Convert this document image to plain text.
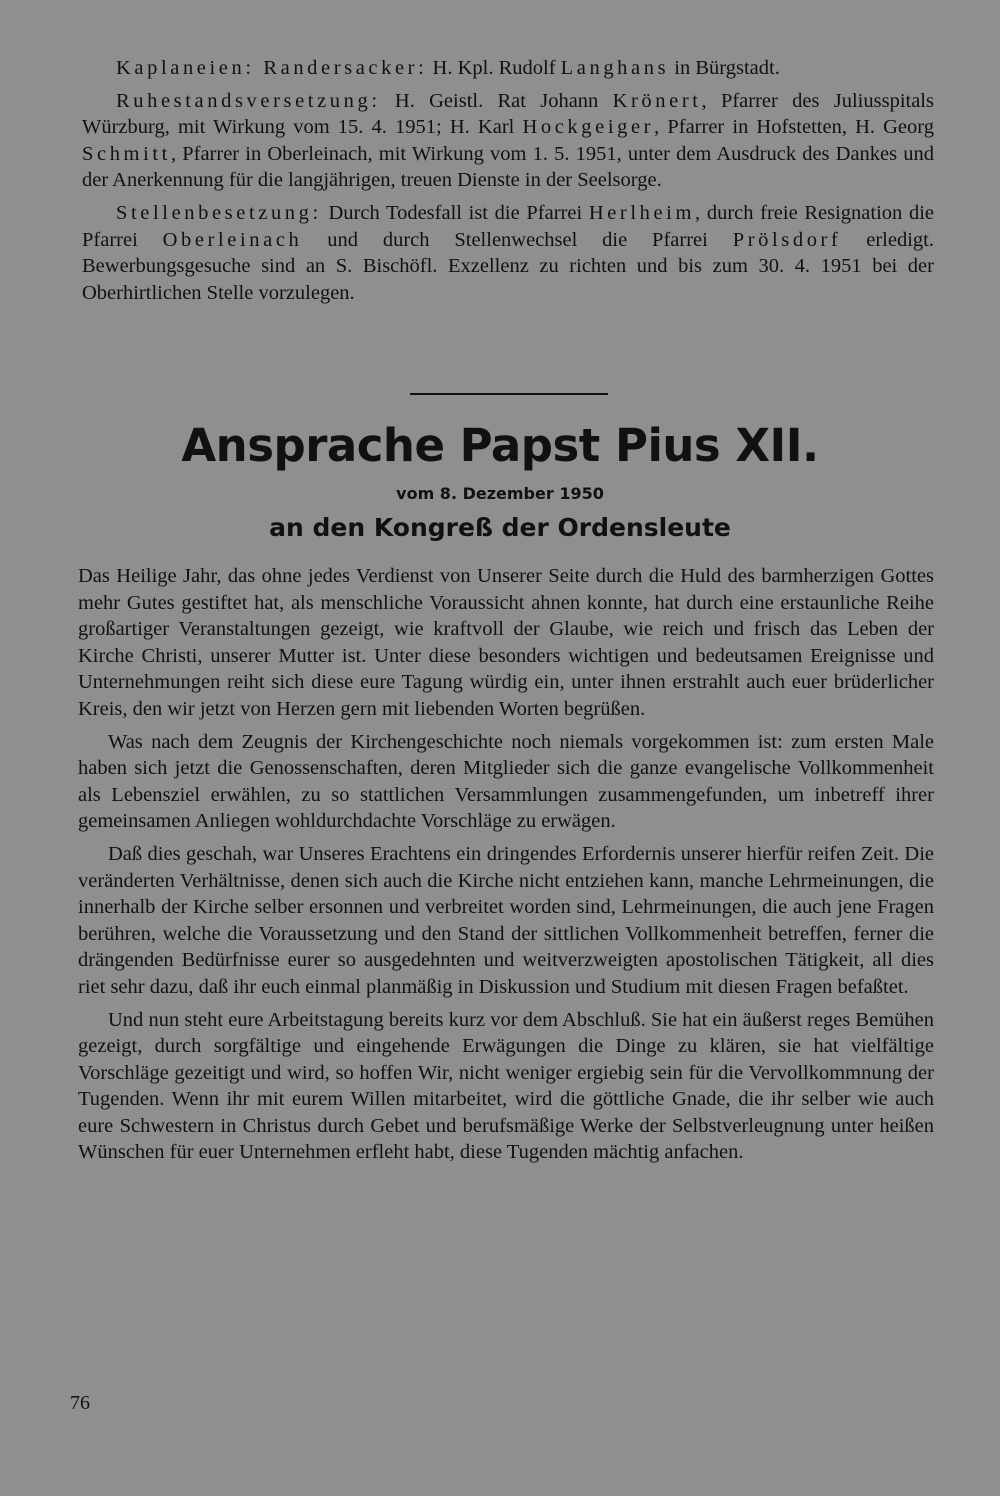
Kaplaneien: Randersacker: H. Kpl. Rudolf Langhans in Bürgstadt.

Ruhestandsversetzung: H. Geistl. Rat Johann Krönert, Pfarrer des Juliusspitals Würzburg, mit Wirkung vom 15. 4. 1951; H. Karl Hockgeiger, Pfarrer in Hofstetten, H. Georg Schmitt, Pfarrer in Oberleinach, mit Wirkung vom 1. 5. 1951, unter dem Ausdruck des Dankes und der Anerkennung für die langjährigen, treuen Dienste in der Seelsorge.

Stellenbesetzung: Durch Todesfall ist die Pfarrei Herlheim, durch freie Resignation die Pfarrei Oberleinach und durch Stellenwechsel die Pfarrei Prölsdorf erledigt. Bewerbungsgesuche sind an S. Bischöfl. Exzellenz zu richten und bis zum 30. 4. 1951 bei der Oberhirtlichen Stelle vorzulegen.

Ansprache Papst Pius XII.
vom 8. Dezember 1950
an den Kongreß der Ordensleute

Das Heilige Jahr, das ohne jedes Verdienst von Unserer Seite durch die Huld des barmherzigen Gottes mehr Gutes gestiftet hat, als menschliche Voraussicht ahnen konnte, hat durch eine erstaunliche Reihe großartiger Veranstaltungen gezeigt, wie kraftvoll der Glaube, wie reich und frisch das Leben der Kirche Christi, unserer Mutter ist. Unter diese besonders wichtigen und bedeutsamen Ereignisse und Unternehmungen reiht sich diese eure Tagung würdig ein, unter ihnen erstrahlt auch euer brüderlicher Kreis, den wir jetzt von Herzen gern mit liebenden Worten begrüßen.

Was nach dem Zeugnis der Kirchengeschichte noch niemals vorgekommen ist: zum ersten Male haben sich jetzt die Genossenschaften, deren Mitglieder sich die ganze evangelische Vollkommenheit als Lebensziel erwählen, zu so stattlichen Versammlungen zusammengefunden, um inbetreff ihrer gemeinsamen Anliegen wohldurchdachte Vorschläge zu erwägen.

Daß dies geschah, war Unseres Erachtens ein dringendes Erfordernis unserer hierfür reifen Zeit. Die veränderten Verhältnisse, denen sich auch die Kirche nicht entziehen kann, manche Lehrmeinungen, die innerhalb der Kirche selber ersonnen und verbreitet worden sind, Lehrmeinungen, die auch jene Fragen berühren, welche die Voraussetzung und den Stand der sittlichen Vollkommenheit betreffen, ferner die drängenden Bedürfnisse eurer so ausgedehnten und weitverzweigten apostolischen Tätigkeit, all dies riet sehr dazu, daß ihr euch einmal planmäßig in Diskussion und Studium mit diesen Fragen befaßtet.

Und nun steht eure Arbeitstagung bereits kurz vor dem Abschluß. Sie hat ein äußerst reges Bemühen gezeigt, durch sorgfältige und eingehende Erwägungen die Dinge zu klären, sie hat vielfältige Vorschläge gezeitigt und wird, so hoffen Wir, nicht weniger ergiebig sein für die Vervollkommnung der Tugenden. Wenn ihr mit eurem Willen mitarbeitet, wird die göttliche Gnade, die ihr selber wie auch eure Schwestern in Christus durch Gebet und berufsmäßige Werke der Selbstverleugnung unter heißen Wünschen für euer Unternehmen erfleht habt, diese Tugenden mächtig anfachen.

76
